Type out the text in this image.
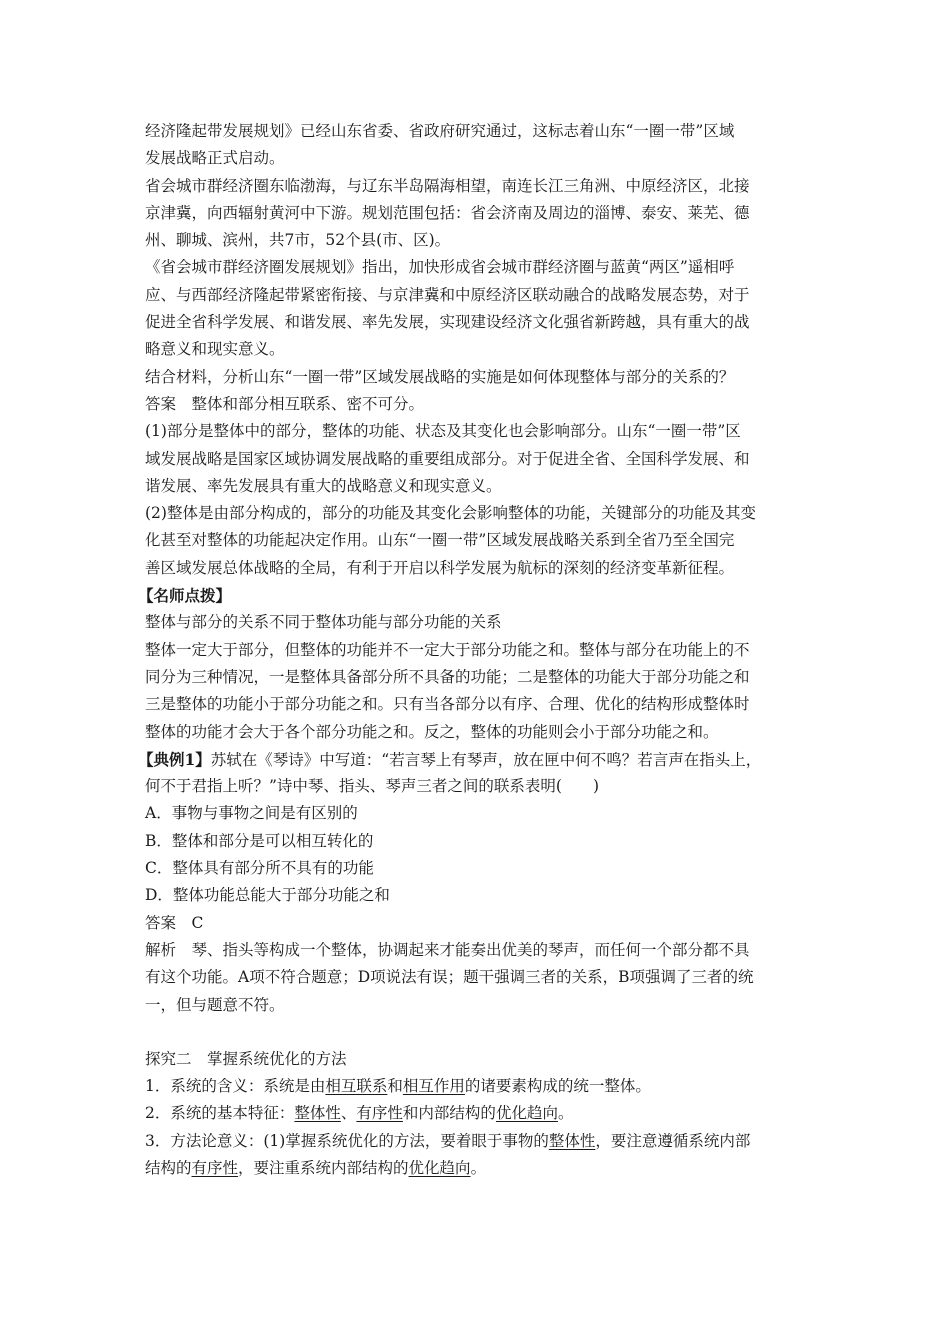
经济隆起带发展规划》已经山东省委、省政府研究通过，这标志着山东“一圈一带”区域
发展战略正式启动。
省会城市群经济圈东临渤海，与辽东半岛隔海相望，南连长江三角洲、中原经济区，北接
京津冀，向西辐射黄河中下游。规划范围包括：省会济南及周边的淄博、泰安、莱芜、德
州、聊城、滨州，共7市，52个县(市、区)。
《省会城市群经济圈发展规划》指出，加快形成省会城市群经济圈与蓝黄“两区”遥相呼
应、与西部经济隆起带紧密衔接、与京津冀和中原经济区联动融合的战略发展态势，对于
促进全省科学发展、和谐发展、率先发展，实现建设经济文化强省新跨越，具有重大的战
略意义和现实意义。
结合材料，分析山东“一圈一带”区域发展战略的实施是如何体现整体与部分的关系的？
答案　整体和部分相互联系、密不可分。
(1)部分是整体中的部分，整体的功能、状态及其变化也会影响部分。山东“一圈一带”区
域发展战略是国家区域协调发展战略的重要组成部分。对于促进全省、全国科学发展、和
谐发展、率先发展具有重大的战略意义和现实意义。
(2)整体是由部分构成的，部分的功能及其变化会影响整体的功能，关键部分的功能及其变
化甚至对整体的功能起决定作用。山东“一圈一带”区域发展战略关系到全省乃至全国完
善区域发展总体战略的全局，有利于开启以科学发展为航标的深刻的经济变革新征程。
【名师点拨】
整体与部分的关系不同于整体功能与部分功能的关系
整体一定大于部分，但整体的功能并不一定大于部分功能之和。整体与部分在功能上的不
同分为三种情况，一是整体具备部分所不具备的功能；二是整体的功能大于部分功能之和
三是整体的功能小于部分功能之和。只有当各部分以有序、合理、优化的结构形成整体时
整体的功能才会大于各个部分功能之和。反之，整体的功能则会小于部分功能之和。
【典例1】苏轼在《琴诗》中写道：“若言琴上有琴声，放在匣中何不鸣？若言声在指头上，
何不于君指上听？”诗中琴、指头、琴声三者之间的联系表明(　　)
A．事物与事物之间是有区别的
B．整体和部分是可以相互转化的
C．整体具有部分所不具有的功能
D．整体功能总能大于部分功能之和
答案　C
解析　琴、指头等构成一个整体，协调起来才能奏出优美的琴声，而任何一个部分都不具
有这个功能。A项不符合题意；D项说法有误；题干强调三者的关系，B项强调了三者的统
一，但与题意不符。
探究二　掌握系统优化的方法
1．系统的含义：系统是由相互联系和相互作用的诸要素构成的统一整体。
2．系统的基本特征：整体性、有序性和内部结构的优化趋向。
3．方法论意义：(1)掌握系统优化的方法，要着眼于事物的整体性，要注意遵循系统内部
结构的有序性，要注重系统内部结构的优化趋向。
